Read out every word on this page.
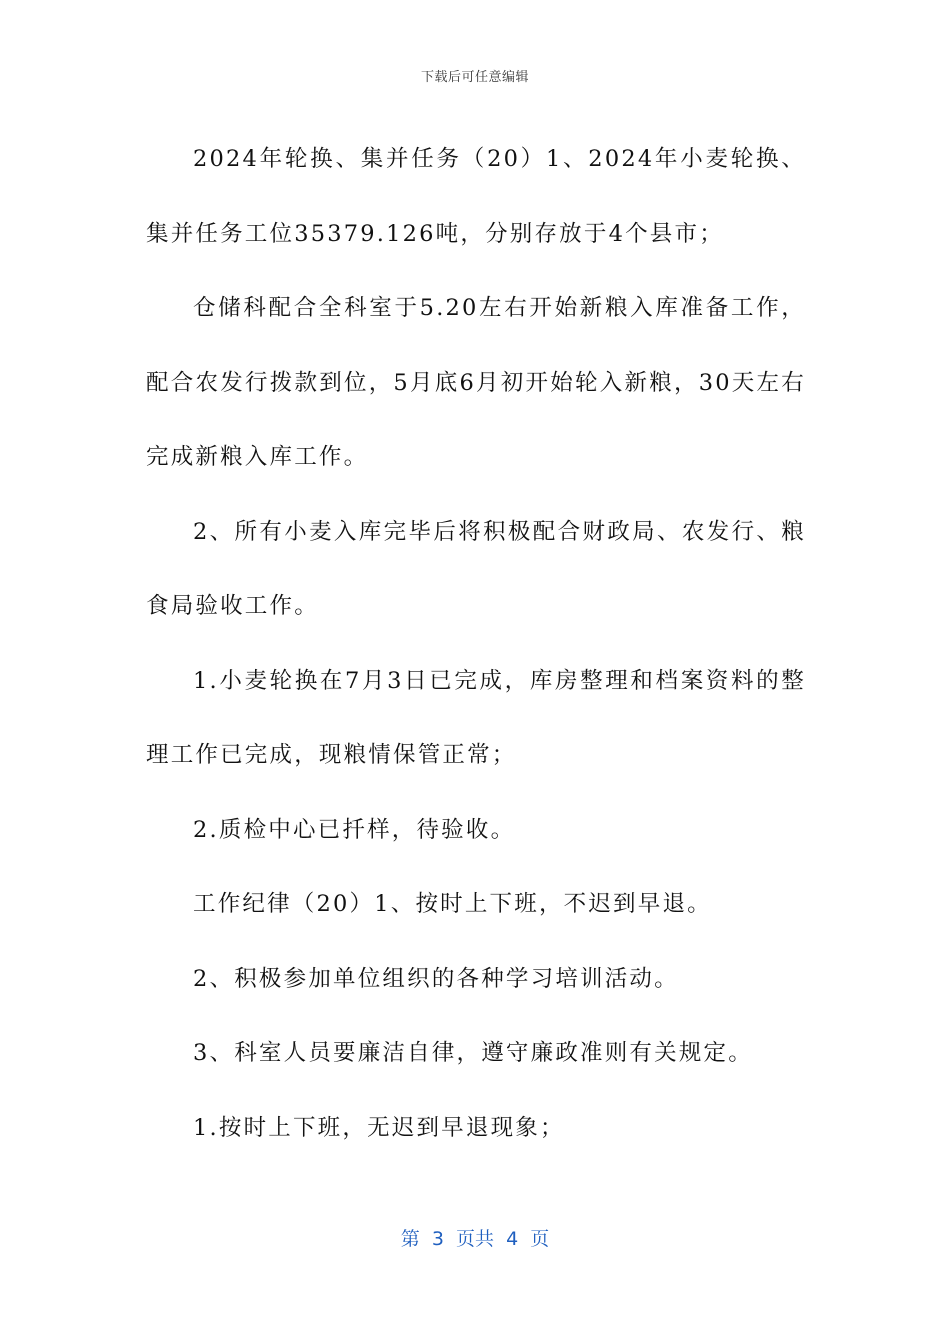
下载后可任意编辑

2024年轮换、集并任务（20）1、2024年小麦轮换、集并任务工位35379.126吨，分别存放于4个县市；

仓储科配合全科室于5.20左右开始新粮入库准备工作，配合农发行拨款到位，5月底6月初开始轮入新粮，30天左右完成新粮入库工作。

2、所有小麦入库完毕后将积极配合财政局、农发行、粮食局验收工作。

1.小麦轮换在7月3日已完成，库房整理和档案资料的整理工作已完成，现粮情保管正常；

2.质检中心已扦样，待验收。

工作纪律（20）1、按时上下班，不迟到早退。

2、积极参加单位组织的各种学习培训活动。

3、科室人员要廉洁自律，遵守廉政准则有关规定。

1.按时上下班，无迟到早退现象；

第  3  页共  4  页
